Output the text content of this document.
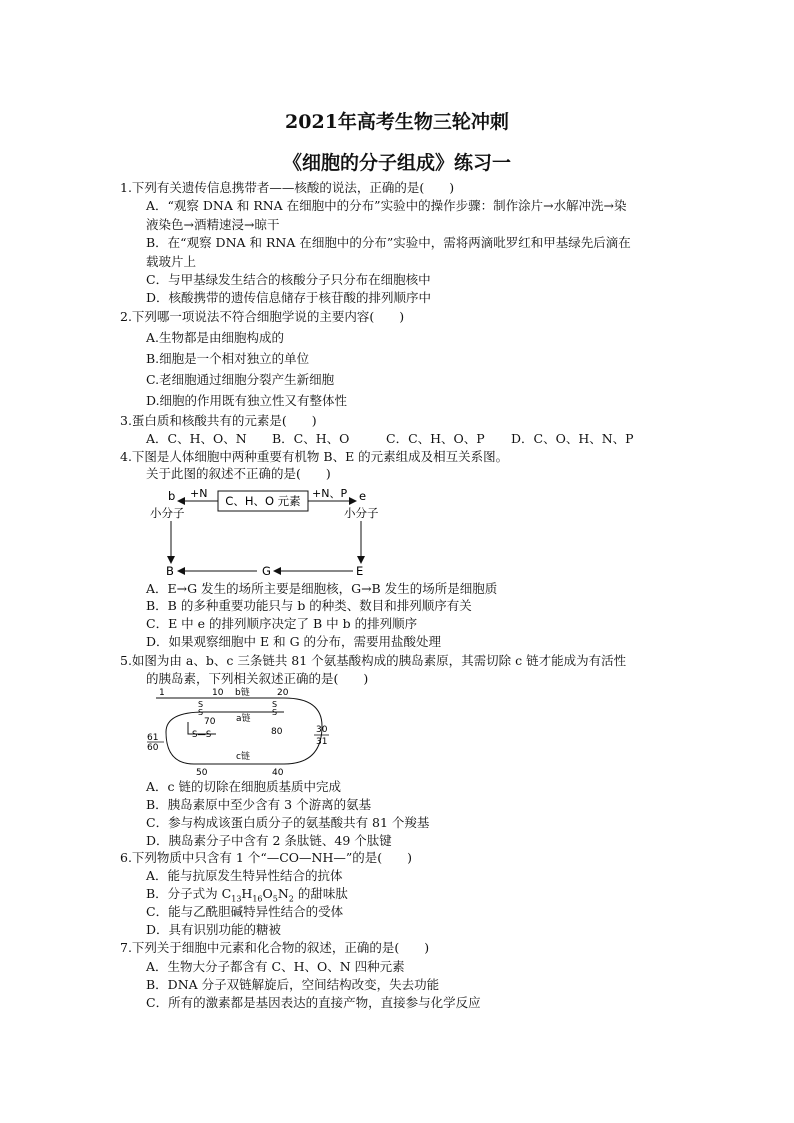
2021年高考生物三轮冲刺
《细胞的分子组成》练习一
1.下列有关遗传信息携带者——核酸的说法，正确的是(　　)
A．“观察 DNA 和 RNA 在细胞中的分布”实验中的操作步骤：制作涂片→水解冲洗→染
液染色→酒精速浸→晾干
B．在“观察 DNA 和 RNA 在细胞中的分布”实验中，需将两滴吡罗红和甲基绿先后滴在
载玻片上
C．与甲基绿发生结合的核酸分子只分布在细胞核中
D．核酸携带的遗传信息储存于核苷酸的排列顺序中
2.下列哪一项说法不符合细胞学说的主要内容(　　)
A.生物都是由细胞构成的
B.细胞是一个相对独立的单位
C.老细胞通过细胞分裂产生新细胞
D.细胞的作用既有独立性又有整体性
3.蛋白质和核酸共有的元素是(　　)
A．C、H、O、N B．C、H、O	C．C、H、O、P D．C、O、H、N、P
4.下图是人体细胞中两种重要有机物 B、E 的元素组成及相互关系图。
关于此图的叙述不正确的是(　　)
C、H、O 元素
b +N
小分子
+N、P e
小分子
B	G	E
A．E→G 发生的场所主要是细胞核，G→B 发生的场所是细胞质
B．B 的多种重要功能只与 b 的种类、数目和排列顺序有关
C．E 中 e 的排列顺序决定了 B 中 b 的排列顺序
D．如果观察细胞中 E 和 G 的分布，需要用盐酸处理
5.如图为由 a、b、c 三条链共 81 个氨基酸构成的胰岛素原，其需切除 c 链才能成为有活性
的胰岛素，下列相关叙述正确的是(　　)
1	10 b链	20
S
S
S
S
70 a链
80
S—S
61
60
30
31
c链
50	40
A．c 链的切除在细胞质基质中完成
B．胰岛素原中至少含有 3 个游离的氨基
C．参与构成该蛋白质分子的氨基酸共有 81 个羧基
D．胰岛素分子中含有 2 条肽链、49 个肽键
6.下列物质中只含有 1 个“—CO—NH—”的是(　　)
A．能与抗原发生特异性结合的抗体
B．分子式为 $C_{13}H_{16}O_5N_2$ 的甜味肽
C．能与乙酰胆碱特异性结合的受体
D．具有识别功能的糖被
7.下列关于细胞中元素和化合物的叙述，正确的是(　　)
A．生物大分子都含有 C、H、O、N 四种元素
B．DNA 分子双链解旋后，空间结构改变，失去功能
C．所有的激素都是基因表达的直接产物，直接参与化学反应
